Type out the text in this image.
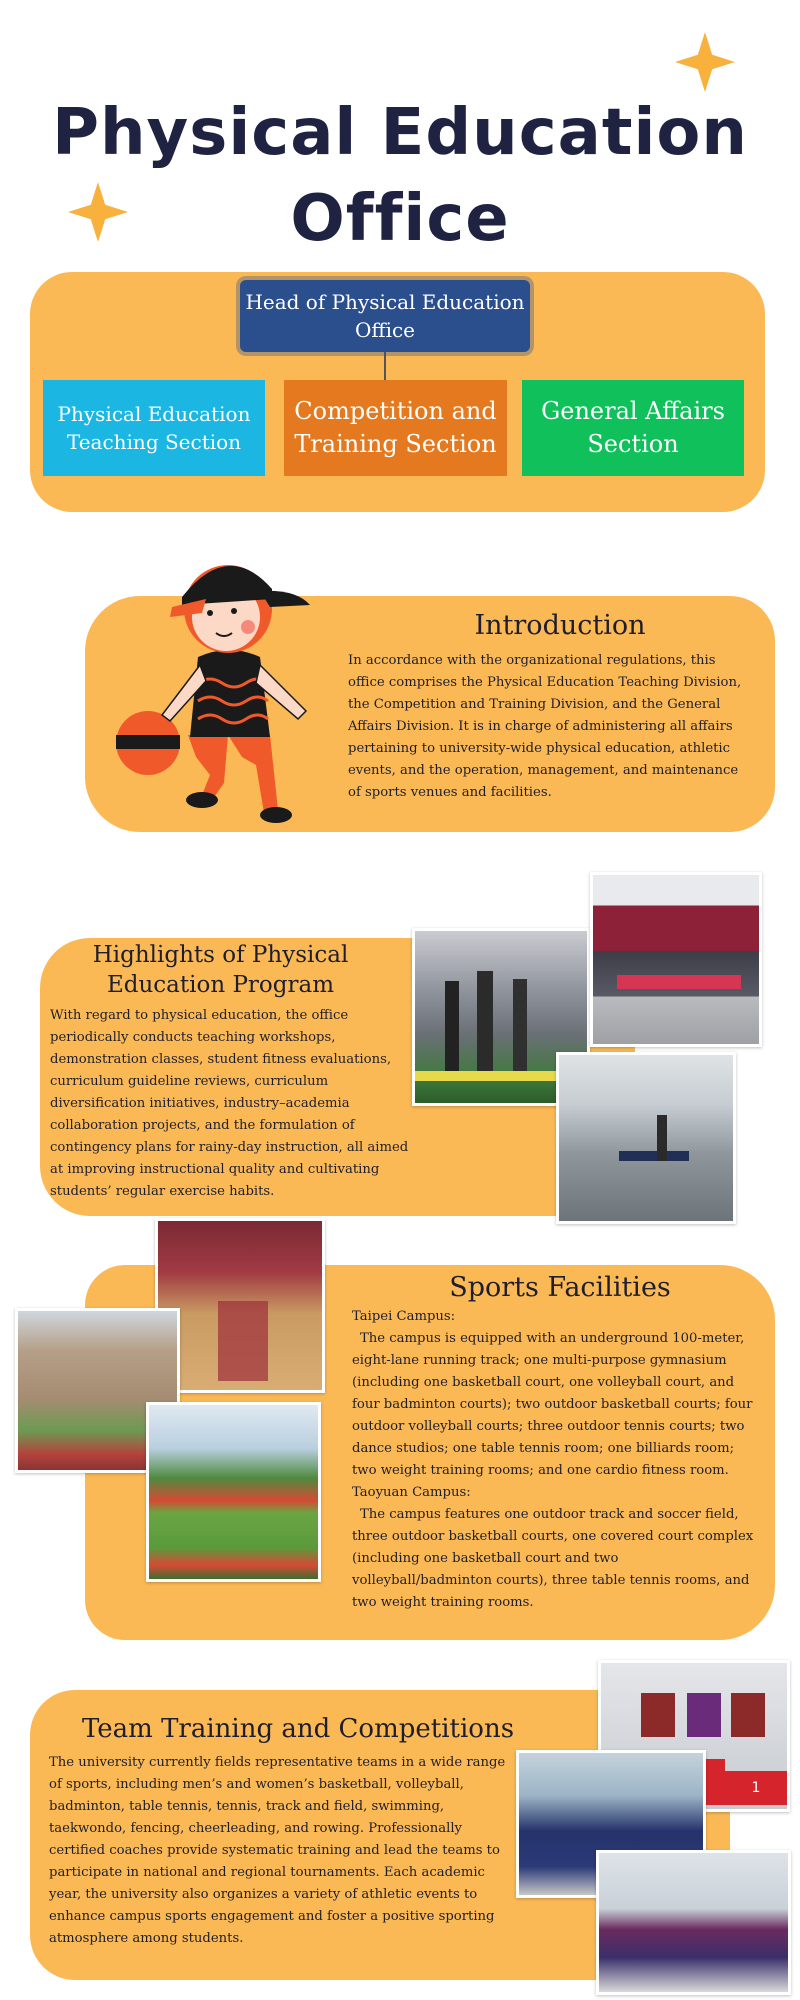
Physical Education
Office
Head of Physical Education Office
Physical Education Teaching Section
Competition and Training Section
General Affairs Section
Introduction
In accordance with the organizational regulations, this office comprises the Physical Education Teaching Division, the Competition and Training Division, and the General Affairs Division. It is in charge of administering all affairs pertaining to university-wide physical education, athletic events, and the operation, management, and maintenance of sports venues and facilities.
Highlights of Physical
Education Program
With regard to physical education, the office periodically conducts teaching workshops, demonstration classes, student fitness evaluations, curriculum guideline reviews, curriculum diversification initiatives, industry–academia collaboration projects, and the formulation of contingency plans for rainy-day instruction, all aimed at improving instructional quality and cultivating students’ regular exercise habits.
Sports Facilities
Taipei Campus:
The campus is equipped with an underground 100-meter, eight-lane running track; one multi-purpose gymnasium (including one basketball court, one volleyball court, and four badminton courts); two outdoor basketball courts; four outdoor volleyball courts; three outdoor tennis courts; two dance studios; one table tennis room; one billiards room; two weight training rooms; and one cardio fitness room.
Taoyuan Campus:
The campus features one outdoor track and soccer field, three outdoor basketball courts, one covered court complex (including one basketball court and two volleyball/badminton courts), three table tennis rooms, and two weight training rooms.
Team Training and Competitions
The university currently fields representative teams in a wide range of sports, including men’s and women’s basketball, volleyball, badminton, table tennis, tennis, track and field, swimming, taekwondo, fencing, cheerleading, and rowing. Professionally certified coaches provide systematic training and lead the teams to participate in national and regional tournaments. Each academic year, the university also organizes a variety of athletic events to enhance campus sports engagement and foster a positive sporting atmosphere among students.
1
